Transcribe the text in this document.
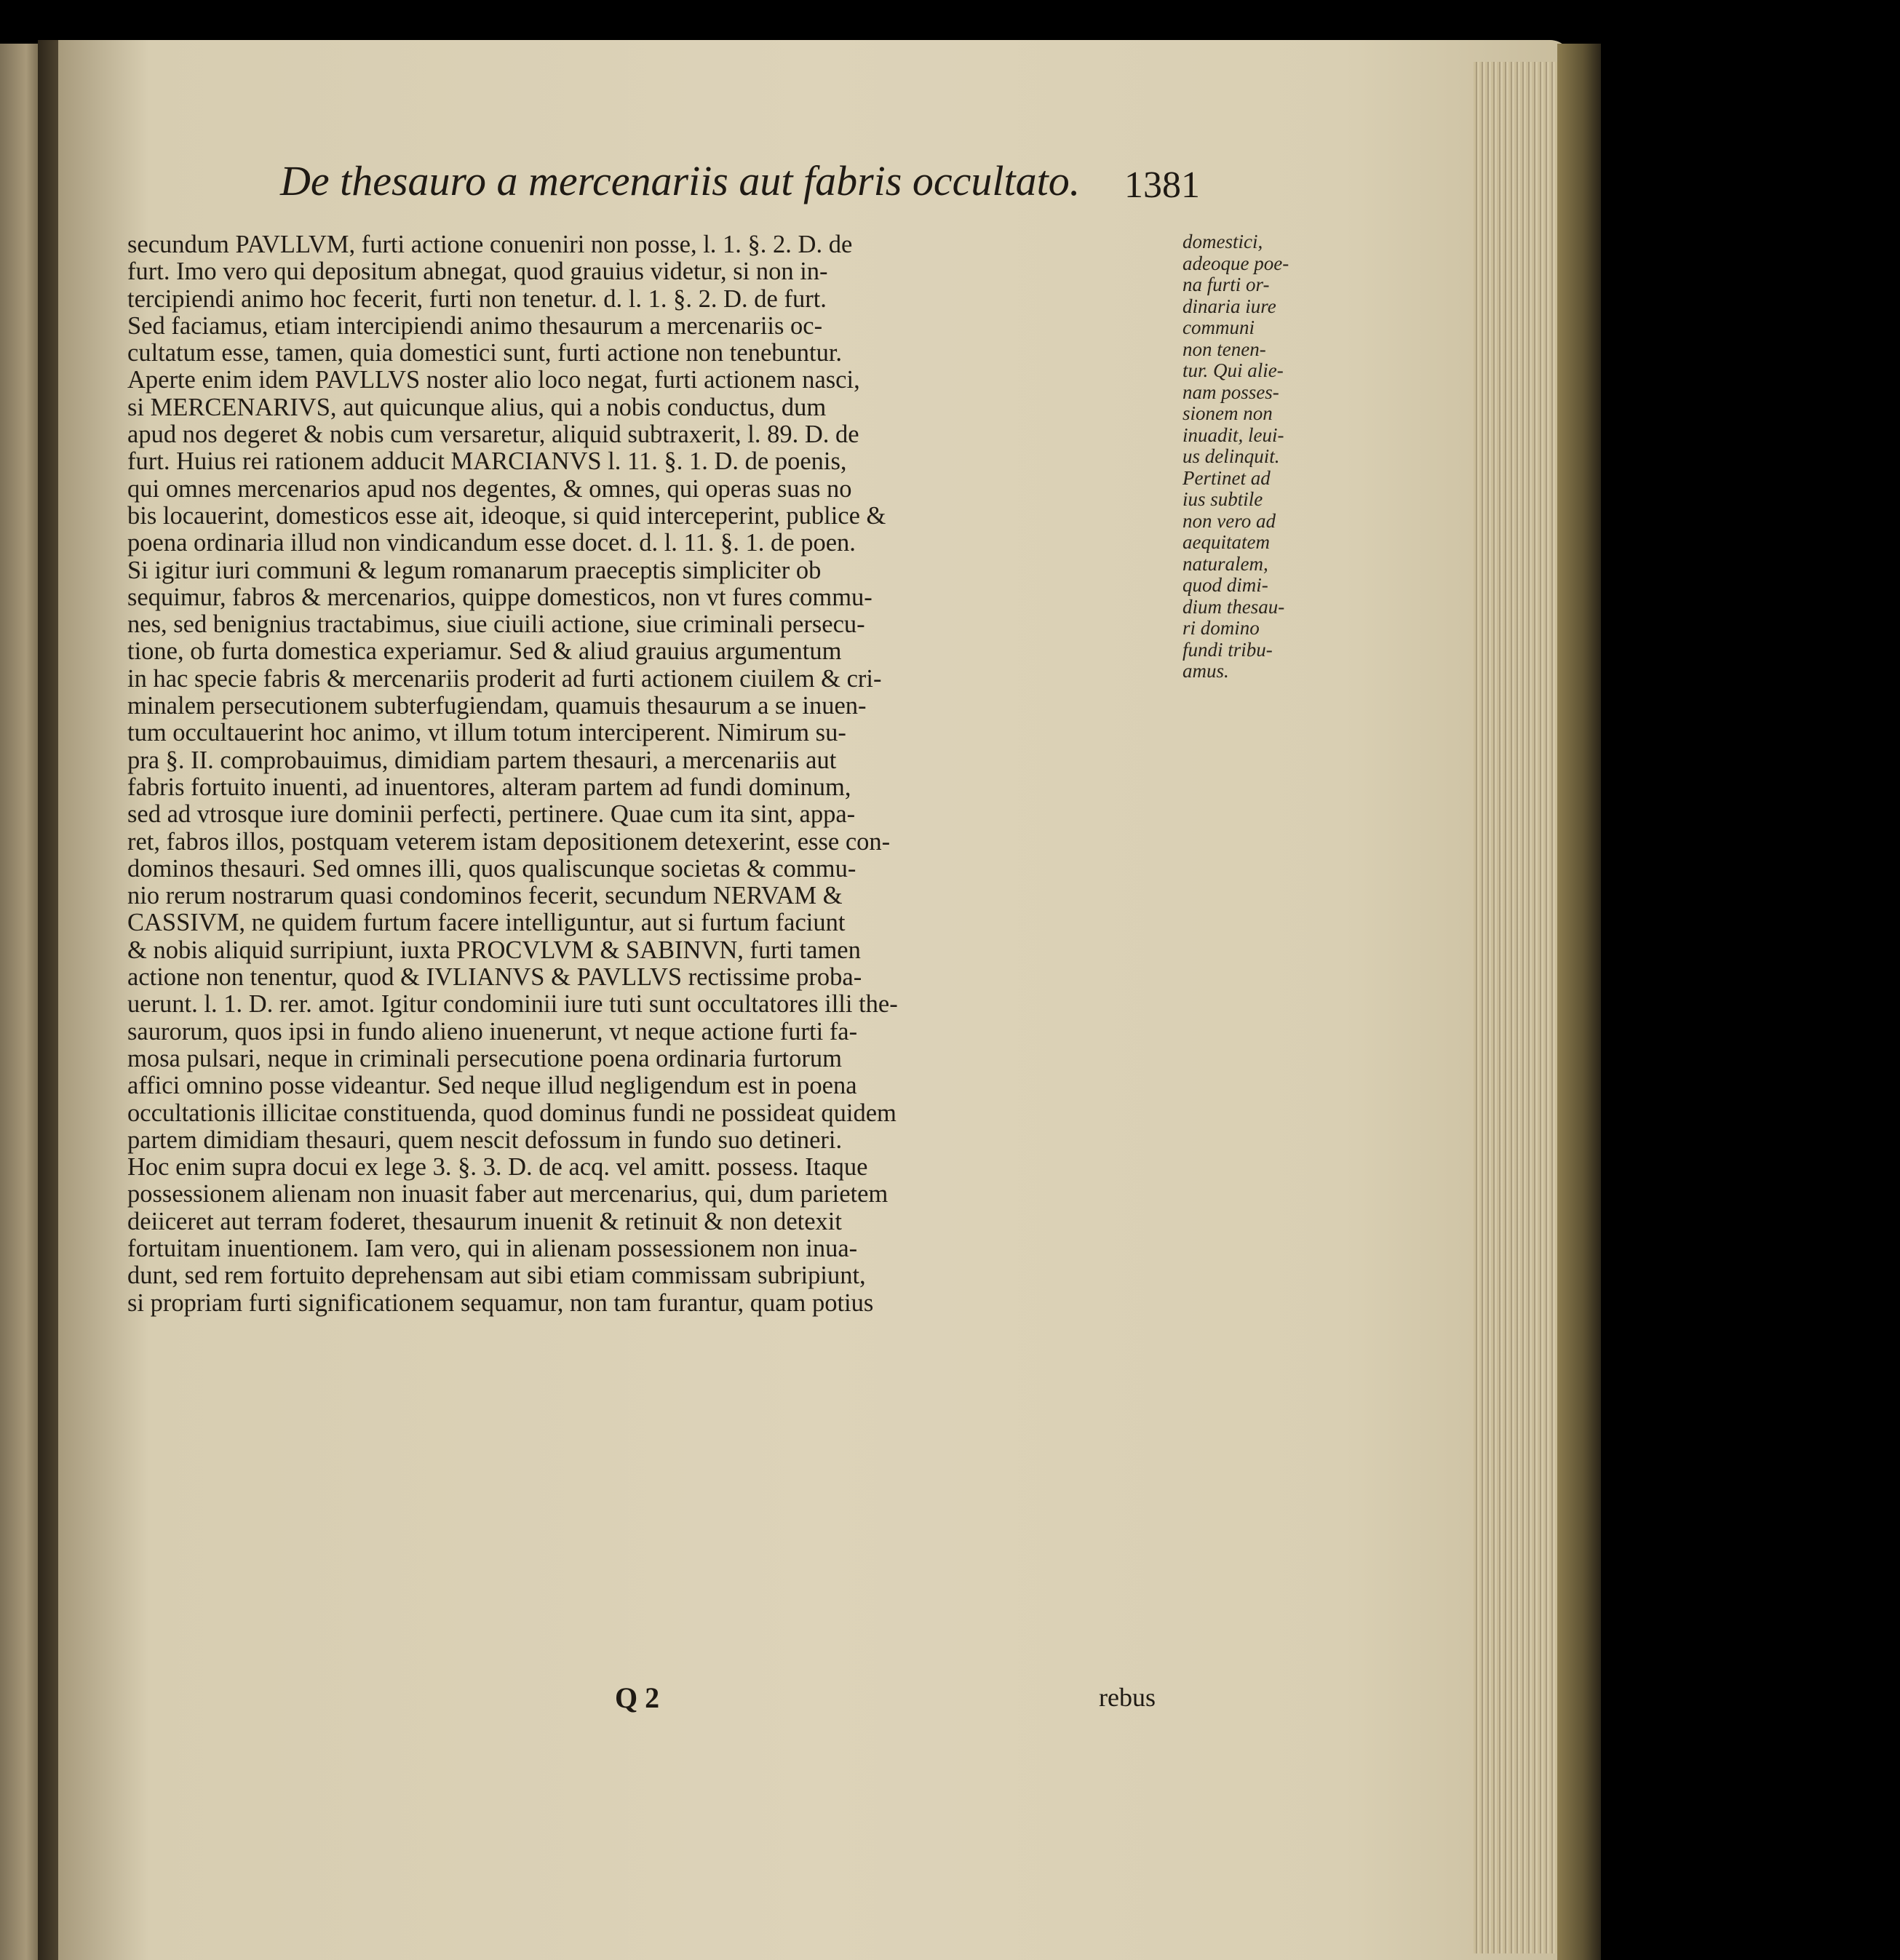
De thesauro a mercenariis aut fabris occultato. 1381

secundum PAVLLVM, furti actione conueniri non posse, l. 1. §. 2. D. de
furt. Imo vero qui depositum abnegat, quod grauius videtur, si non in-
tercipiendi animo hoc fecerit, furti non tenetur. d. l. 1. §. 2. D. de furt.
Sed faciamus, etiam intercipiendi animo thesaurum a mercenariis oc-
cultatum esse, tamen, quia domestici sunt, furti actione non tenebuntur.
Aperte enim idem PAVLLVS noster alio loco negat, furti actionem nasci,
si MERCENARIVS, aut quicunque alius, qui a nobis conductus, dum
apud nos degeret & nobis cum versaretur, aliquid subtraxerit, l. 89. D. de
furt. Huius rei rationem adducit MARCIANVS l. 11. §. 1. D. de poenis,
qui omnes mercenarios apud nos degentes, & omnes, qui operas suas no
bis locauerint, domesticos esse ait, ideoque, si quid interceperint, publice &
poena ordinaria illud non vindicandum esse docet. d. l. 11. §. 1. de poen.
Si igitur iuri communi & legum romanarum praeceptis simpliciter ob
sequimur, fabros & mercenarios, quippe domesticos, non vt fures commu-
nes, sed benignius tractabimus, siue ciuili actione, siue criminali persecu-
tione, ob furta domestica experiamur. Sed & aliud grauius argumentum
in hac specie fabris & mercenariis proderit ad furti actionem ciuilem & cri-
minalem persecutionem subterfugiendam, quamuis thesaurum a se inuen-
tum occultauerint hoc animo, vt illum totum interciperent. Nimirum su-
pra §. II. comprobauimus, dimidiam partem thesauri, a mercenariis aut
fabris fortuito inuenti, ad inuentores, alteram partem ad fundi dominum,
sed ad vtrosque iure dominii perfecti, pertinere. Quae cum ita sint, appa-
ret, fabros illos, postquam veterem istam depositionem detexerint, esse con-
dominos thesauri. Sed omnes illi, quos qualiscunque societas & commu-
nio rerum nostrarum quasi condominos fecerit, secundum NERVAM &
CASSIVM, ne quidem furtum facere intelliguntur, aut si furtum faciunt
& nobis aliquid surripiunt, iuxta PROCVLVM & SABINVN, furti tamen
actione non tenentur, quod & IVLIANVS & PAVLLVS rectissime proba-
uerunt. l. 1. D. rer. amot. Igitur condominii iure tuti sunt occultatores illi the-
saurorum, quos ipsi in fundo alieno inuenerunt, vt neque actione furti fa-
mosa pulsari, neque in criminali persecutione poena ordinaria furtorum
affici omnino posse videantur. Sed neque illud negligendum est in poena
occultationis illicitae constituenda, quod dominus fundi ne possideat quidem
partem dimidiam thesauri, quem nescit defossum in fundo suo detineri.
Hoc enim supra docui ex lege 3. §. 3. D. de acq. vel amitt. possess. Itaque
possessionem alienam non inuasit faber aut mercenarius, qui, dum parietem
deiiceret aut terram foderet, thesaurum inuenit & retinuit & non detexit
fortuitam inuentionem. Iam vero, qui in alienam possessionem non inua-
dunt, sed rem fortuito deprehensam aut sibi etiam commissam subripiunt,
si propriam furti significationem sequamur, non tam furantur, quam potius
domestici,
adeoque poe-
na furti or-
dinaria iure
communi
non tenen-
tur. Qui alie-
nam posses-
sionem non
inuadit, leui-
us delinquit.
Pertinet ad
ius subtile
non vero ad
aequitatem
naturalem,
quod dimi-
dium thesau-
ri domino
fundi tribu-
amus.
Q 2	rebus
